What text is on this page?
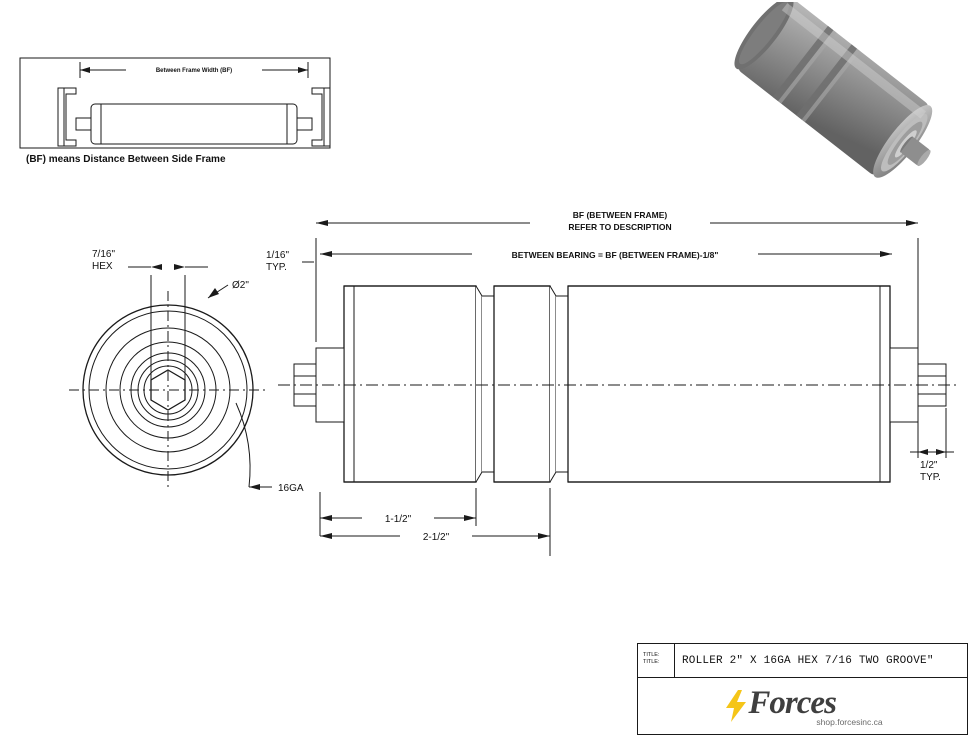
Between Frame Width (BF)
(BF) means Distance Between Side Frame
7/16"
HEX
Ø2"
16GA
BF (BETWEEN FRAME)
REFER TO DESCRIPTION
BETWEEN BEARING = BF (BETWEEN FRAME)-1/8"
1/16"
TYP.
1/2"
TYP.
1-1/2"
2-1/2"
TITLE:
TITLE:	ROLLER 2" X 16GA HEX 7/16 TWO GROOVE"
Forces
shop.forcesinc.ca
